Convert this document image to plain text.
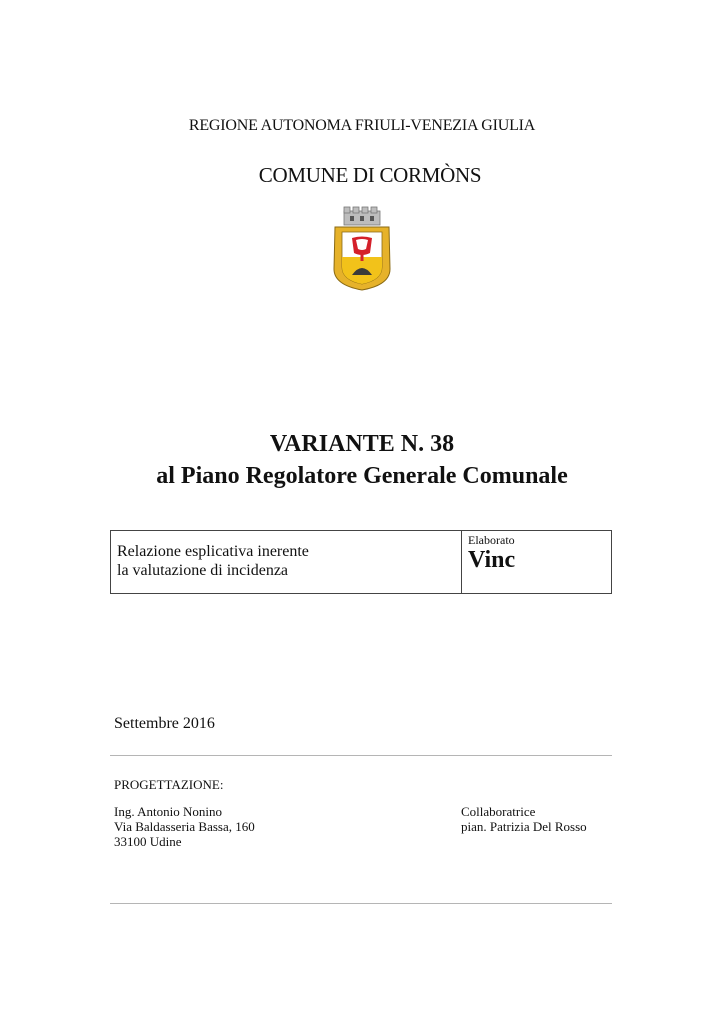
REGIONE AUTONOMA FRIULI-VENEZIA GIULIA
COMUNE DI CORMÒNS
VARIANTE N. 38
al Piano Regolatore Generale Comunale
Relazione esplicativa inerente
la valutazione di incidenza
Elaborato
Vinc
Settembre 2016
PROGETTAZIONE:
Ing. Antonio Nonino
Via Baldasseria Bassa, 160
33100 Udine
Collaboratrice
pian. Patrizia Del Rosso
